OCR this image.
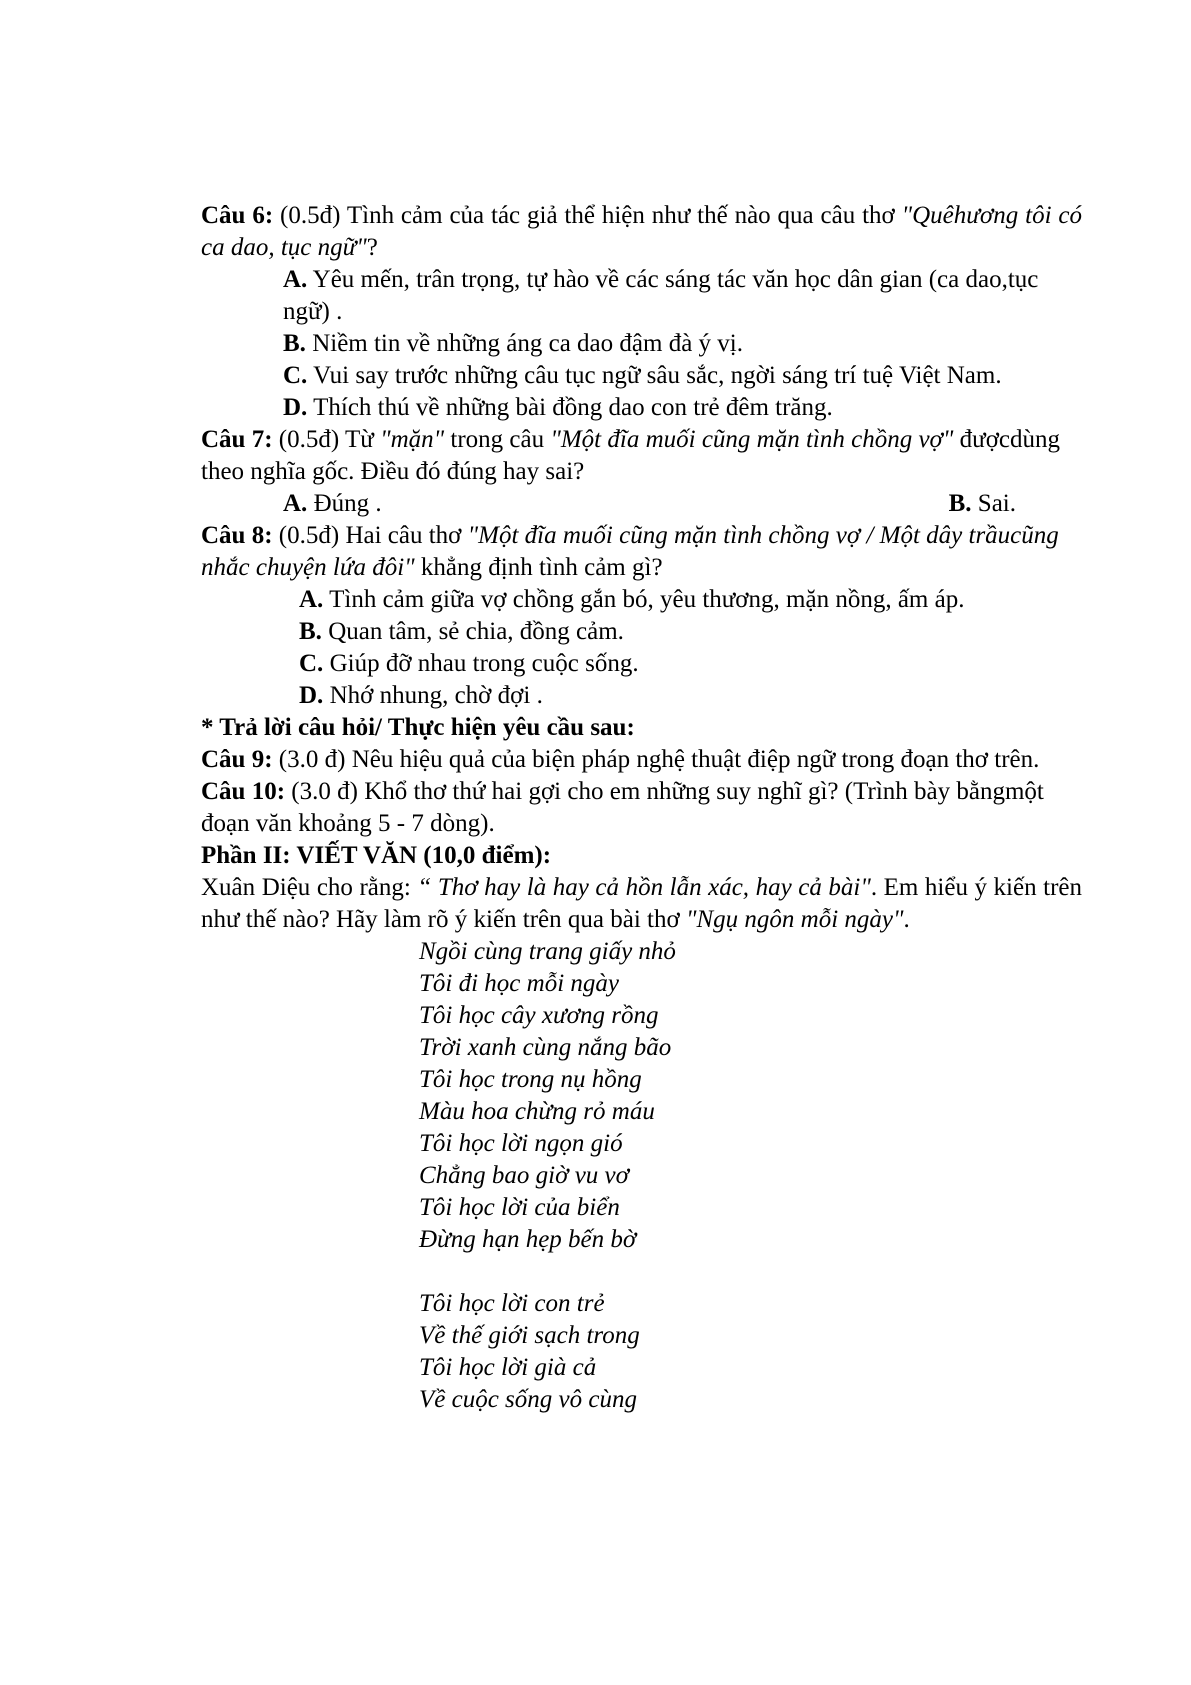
Câu 6: (0.5đ) Tình cảm của tác giả thể hiện như thế nào qua câu thơ "Quêhương tôi có ca dao, tục ngữ"?

A. Yêu mến, trân trọng, tự hào về các sáng tác văn học dân gian (ca dao,tục ngữ) .

B. Niềm tin về những áng ca dao đậm đà ý vị.

C. Vui say trước những câu tục ngữ sâu sắc, ngời sáng trí tuệ Việt Nam.

D. Thích thú về những bài đồng dao con trẻ đêm trăng.

Câu 7: (0.5đ) Từ "mặn" trong câu "Một đĩa muối cũng mặn tình chồng vợ" đượcdùng theo nghĩa gốc. Điều đó đúng hay sai?

A. Đúng .	B. Sai.

Câu 8: (0.5đ) Hai câu thơ "Một đĩa muối cũng mặn tình chồng vợ / Một dây trầucũng nhắc chuyện lứa đôi" khẳng định tình cảm gì?

A. Tình cảm giữa vợ chồng gắn bó, yêu thương, mặn nồng, ấm áp.

B. Quan tâm, sẻ chia, đồng cảm.

C. Giúp đỡ nhau trong cuộc sống.

D. Nhớ nhung, chờ đợi .

* Trả lời câu hỏi/ Thực hiện yêu cầu sau:

Câu 9: (3.0 đ) Nêu hiệu quả của biện pháp nghệ thuật điệp ngữ trong đoạn thơ trên.

Câu 10: (3.0 đ) Khổ thơ thứ hai gợi cho em những suy nghĩ gì? (Trình bày bằngmột đoạn văn khoảng 5 - 7 dòng).

Phần II: VIẾT VĂN (10,0 điểm):

Xuân Diệu cho rằng: “ Thơ hay là hay cả hồn lẫn xác, hay cả bài". Em hiểu ý kiến trên như thế nào? Hãy làm rõ ý kiến trên qua bài thơ "Ngụ ngôn mỗi ngày".

Ngồi cùng trang giấy nhỏ

Tôi đi học mỗi ngày

Tôi học cây xương rồng

Trời xanh cùng nắng bão

Tôi học trong nụ hồng

Màu hoa chừng rỏ máu

Tôi học lời ngọn gió

Chẳng bao giờ vu vơ

Tôi học lời của biển

Đừng hạn hẹp bến bờ

Tôi học lời con trẻ

Về thế giới sạch trong

Tôi học lời già cả

Về cuộc sống vô cùng
